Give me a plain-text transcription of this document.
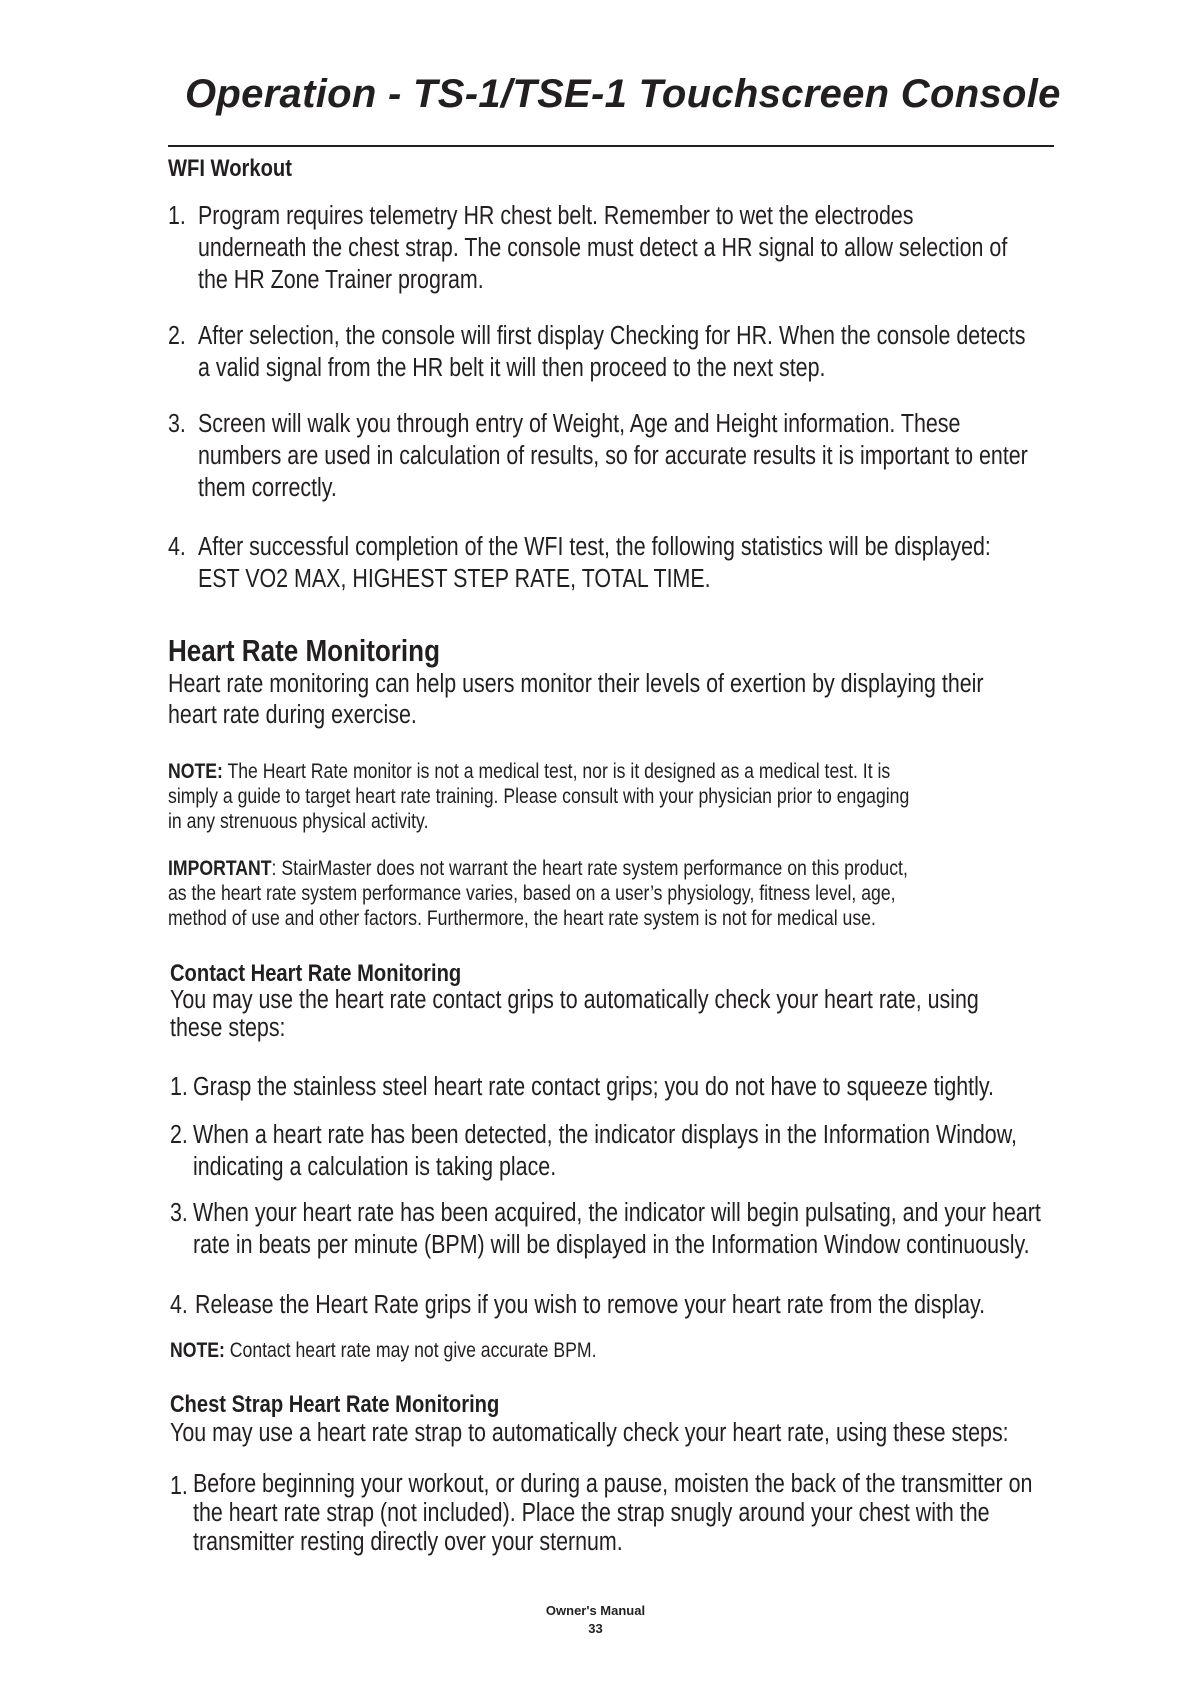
Operation - TS-1/TSE-1 Touchscreen Console
WFI Workout
1. Program requires telemetry HR chest belt. Remember to wet the electrodes
underneath the chest strap. The console must detect a HR signal to allow selection of
the HR Zone Trainer program.
2. After selection, the console will first display Checking for HR. When the console detects
a valid signal from the HR belt it will then proceed to the next step.
3. Screen will walk you through entry of Weight, Age and Height information. These
numbers are used in calculation of results, so for accurate results it is important to enter
them correctly.
4. After successful completion of the WFI test, the following statistics will be displayed:
EST VO2 MAX, HIGHEST STEP RATE, TOTAL TIME.
Heart Rate Monitoring
Heart rate monitoring can help users monitor their levels of exertion by displaying their
heart rate during exercise.
NOTE: The Heart Rate monitor is not a medical test, nor is it designed as a medical test. It is
simply a guide to target heart rate training. Please consult with your physician prior to engaging
in any strenuous physical activity.
IMPORTANT: StairMaster does not warrant the heart rate system performance on this product,
as the heart rate system performance varies, based on a user’s physiology, fitness level, age,
method of use and other factors. Furthermore, the heart rate system is not for medical use.
Contact Heart Rate Monitoring
You may use the heart rate contact grips to automatically check your heart rate, using
these steps:
1. Grasp the stainless steel heart rate contact grips; you do not have to squeeze tightly.
2. When a heart rate has been detected, the indicator displays in the Information Window,
indicating a calculation is taking place.
3. When your heart rate has been acquired, the indicator will begin pulsating, and your heart
rate in beats per minute (BPM) will be displayed in the Information Window continuously.
4. Release the Heart Rate grips if you wish to remove your heart rate from the display.
NOTE: Contact heart rate may not give accurate BPM.
Chest Strap Heart Rate Monitoring
You may use a heart rate strap to automatically check your heart rate, using these steps:
1. Before beginning your workout, or during a pause, moisten the back of the transmitter on
the heart rate strap (not included). Place the strap snugly around your chest with the
transmitter resting directly over your sternum.
Owner's Manual
33
